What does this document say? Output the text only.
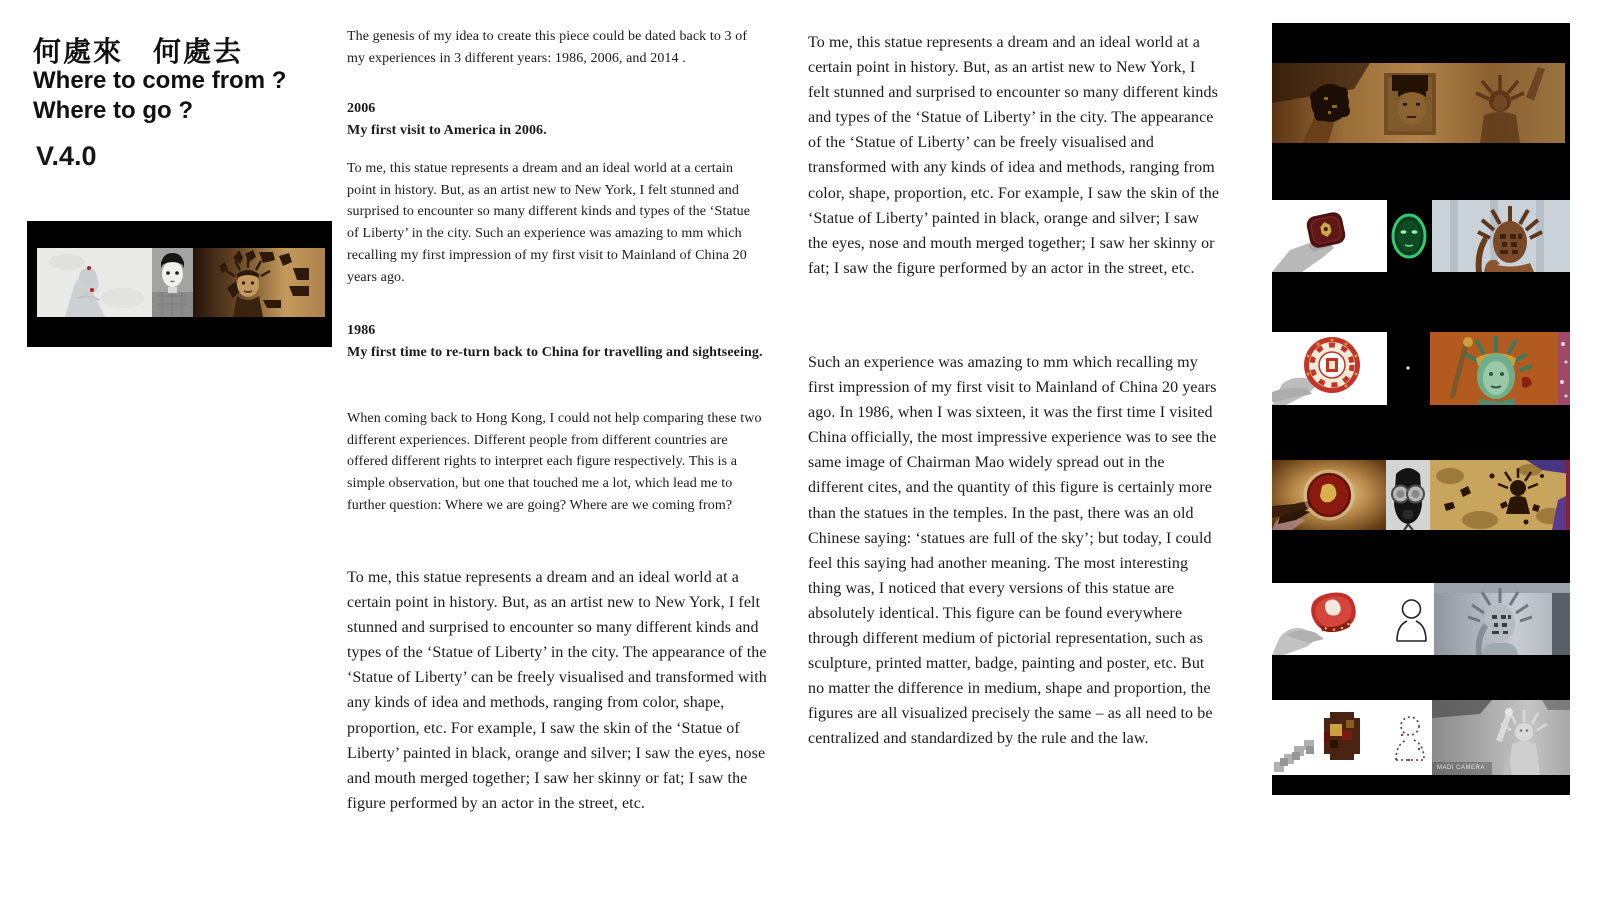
何處來　何處去
Where to come from ?
Where to go ?
V.4.0
The genesis of my idea to create this piece could be dated back to 3 of my experiences in 3 different years: 1986, 2006, and 2014 .
2006
My first visit to America in 2006.
To me, this statue represents a dream and an ideal world at a certain point in history. But, as an artist new to New York, I felt stunned and surprised to encounter so many different kinds and types of the ‘Statue of Liberty’ in the city. Such an experience was amazing to mm which recalling my first impression of my first visit to Mainland of China 20 years ago.
1986
My first time to re-turn back to China for travelling and sightseeing.
When coming back to Hong Kong, I could not help comparing these two different experiences. Different people from different countries are offered different rights to interpret each figure respectively. This is a simple observation, but one that touched me a lot, which lead me to further question: Where we are going? Where are we coming from?
To me, this statue represents a dream and an ideal world at a certain point in history. But, as an artist new to New York, I felt stunned and surprised to encounter so many different kinds and types of the ‘Statue of Liberty’ in the city. The appearance of the ‘Statue of Liberty’ can be freely visualised and transformed with any kinds of idea and methods, ranging from color, shape, proportion, etc. For example, I saw the skin of the ‘Statue of Liberty’ painted in black, orange and silver; I saw the eyes, nose and mouth merged together; I saw her skinny or fat; I saw the figure performed by an actor in the street, etc.
To me, this statue represents a dream and an ideal world at a certain point in history. But, as an artist new to New York, I felt stunned and surprised to encounter so many different kinds and types of the ‘Statue of Liberty’ in the city. The appearance of the ‘Statue of Liberty’ can be freely visualised and transformed with any kinds of idea and methods, ranging from color, shape, proportion, etc. For example, I saw the skin of the ‘Statue of Liberty’ painted in black, orange and silver; I saw the eyes, nose and mouth merged together; I saw her skinny or fat; I saw the figure performed by an actor in the street, etc.
Such an experience was amazing to mm which recalling my first impression of my first visit to Mainland of China 20 years ago. In 1986, when I was sixteen, it was the first time I visited China officially, the most impressive experience was to see the same image of Chairman Mao widely spread out in the different cites, and the quantity of this figure is certainly more than the statues in the temples. In the past, there was an old Chinese saying: ‘statues are full of the sky’; but today, I could feel this saying had another meaning. The most interesting thing was, I noticed that every versions of this statue are absolutely identical. This figure can be found everywhere through different medium of pictorial representation, such as sculpture, printed matter, badge, painting and poster, etc. But no matter the difference in medium, shape and proportion, the figures are all visualized precisely the same – as all need to be centralized and standardized by the rule and the law.
MADI CAMERA
